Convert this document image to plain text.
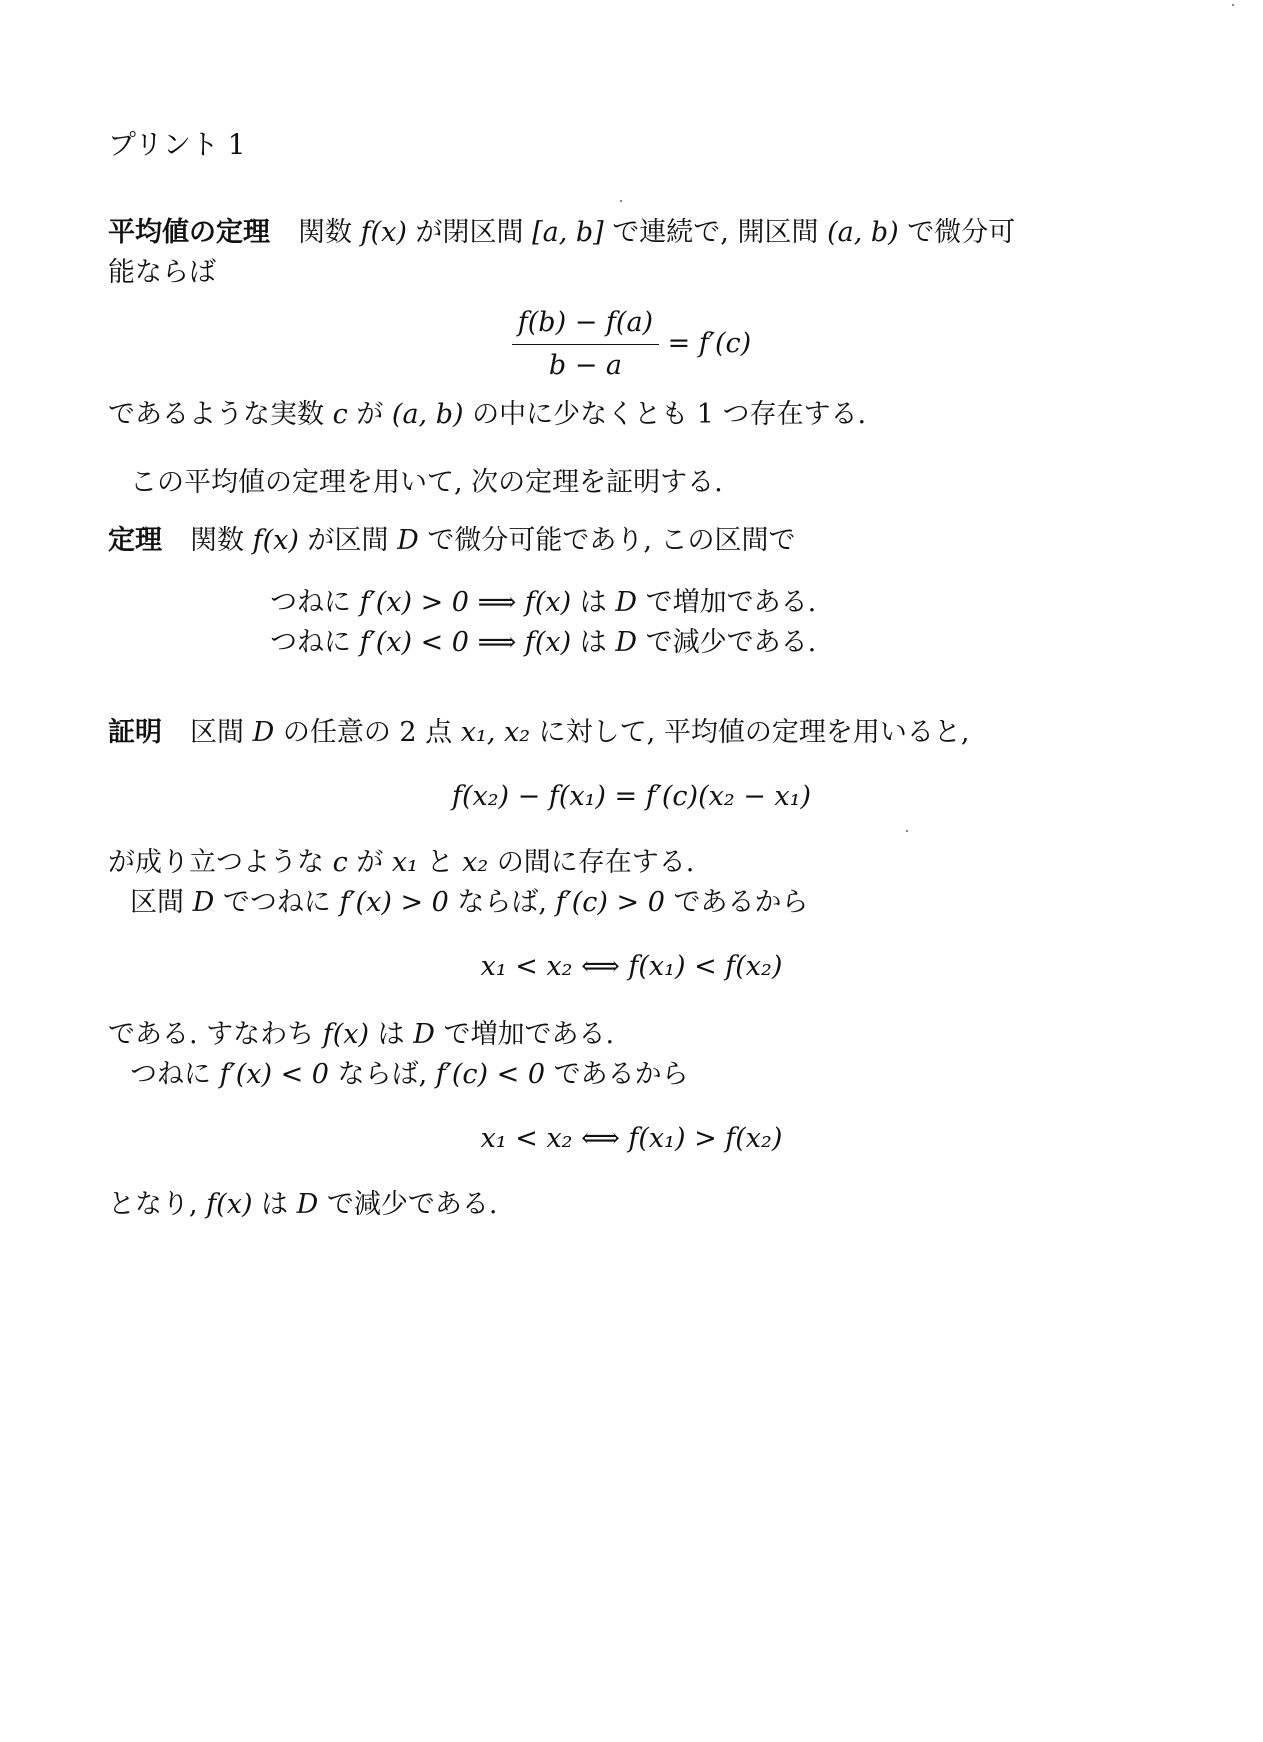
プリント 1
平均値の定理 関数 f(x) が閉区間 [a, b] で連続で, 開区間 (a, b) で微分可
能ならば
$\frac{f(b) - f(a)}{b - a} = f'(c)$
であるような実数 c が (a, b) の中に少なくとも 1 つ存在する.
この平均値の定理を用いて, 次の定理を証明する.
定理 関数 f(x) が区間 D で微分可能であり, この区間で
つねに f′(x) > 0 ⟹ f(x) は D で増加である.
つねに f′(x) < 0 ⟹ f(x) は D で減少である.
証明 区間 D の任意の 2 点 x₁, x₂ に対して, 平均値の定理を用いると,
f(x₂) − f(x₁) = f′(c)(x₂ − x₁)
が成り立つような c が x₁ と x₂ の間に存在する.
区間 D でつねに f′(x) > 0 ならば, f′(c) > 0 であるから
x₁ < x₂ ⟺ f(x₁) < f(x₂)
である. すなわち f(x) は D で増加である.
つねに f′(x) < 0 ならば, f′(c) < 0 であるから
x₁ < x₂ ⟺ f(x₁) > f(x₂)
となり, f(x) は D で減少である.
